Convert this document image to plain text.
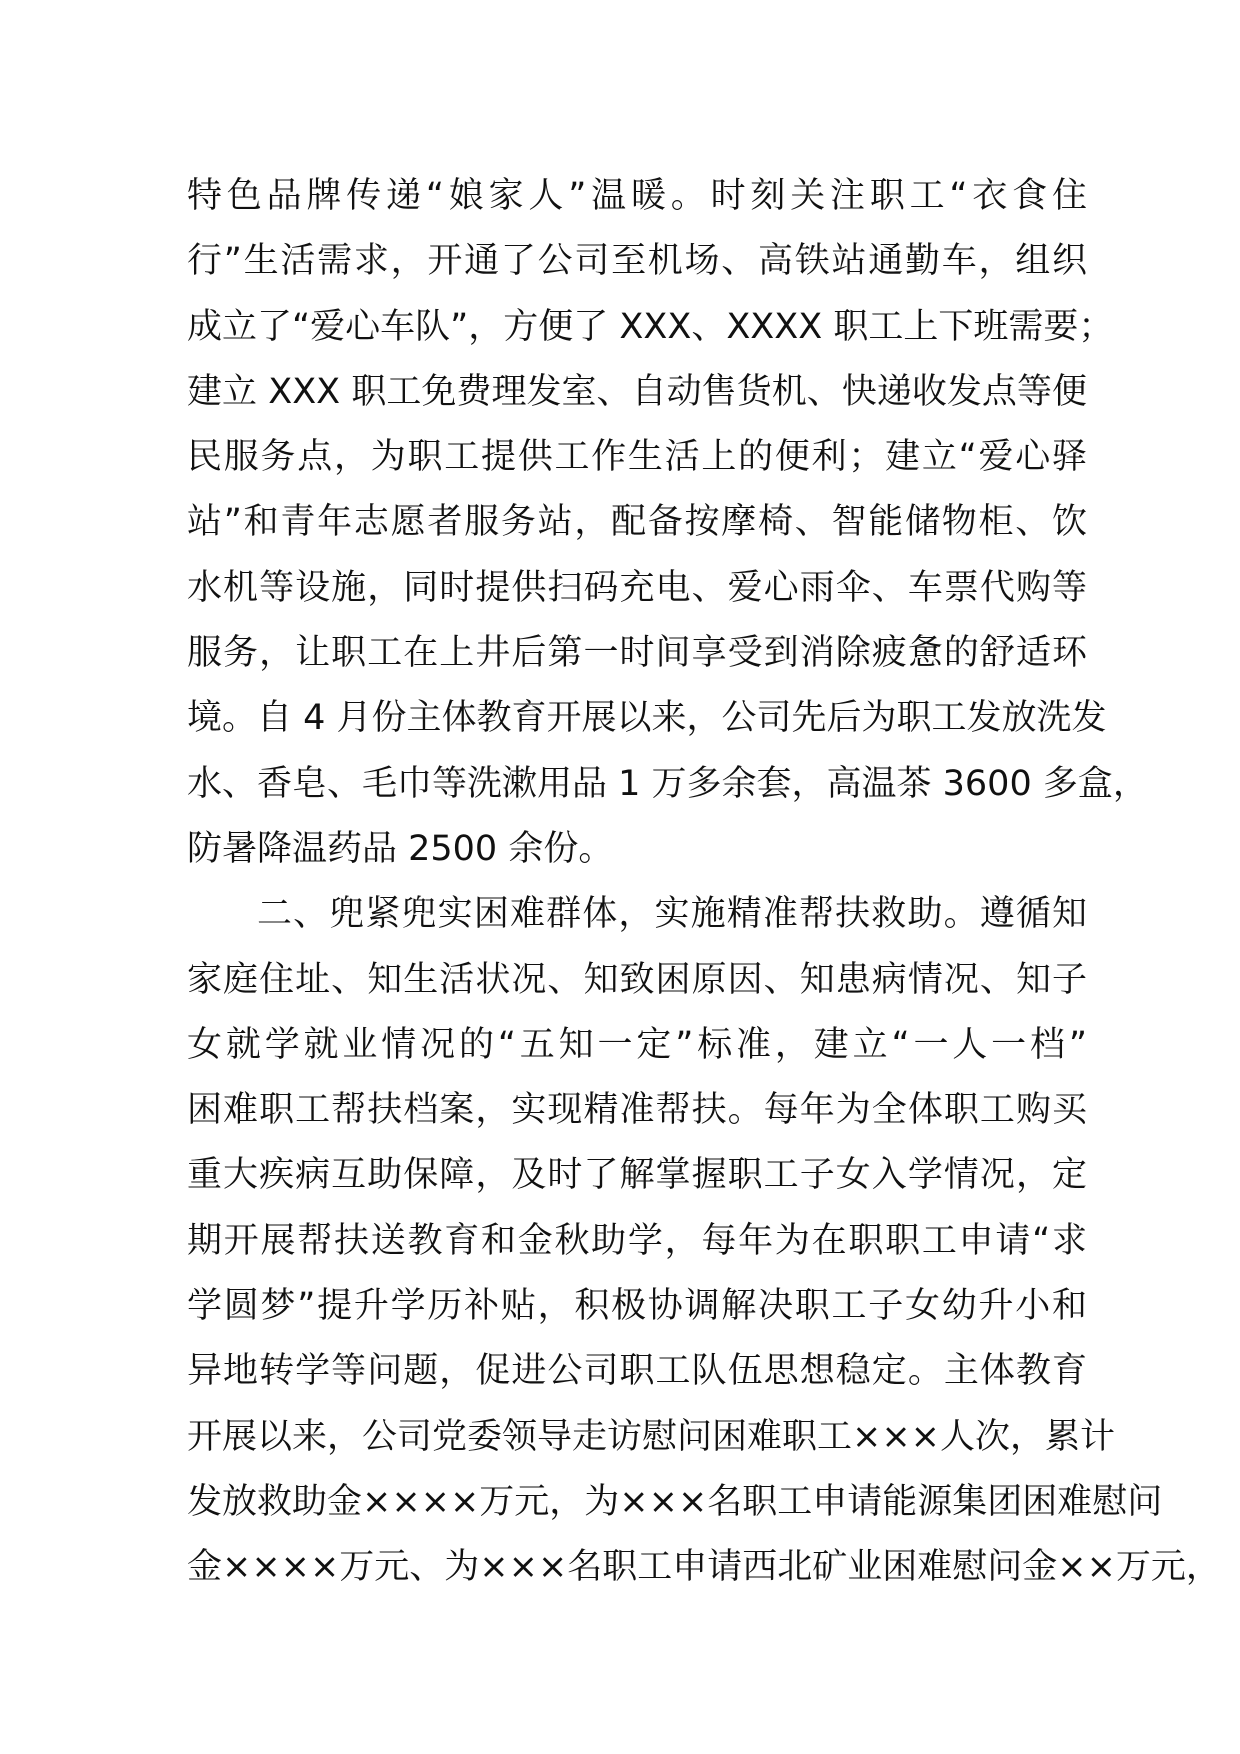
特色品牌传递“娘家人”温暖。时刻关注职工“衣食住
行”生活需求，开通了公司至机场、高铁站通勤车，组织
成立了“爱心车队”，方便了 XXX、XXXX 职工上下班需要；
建立 XXX 职工免费理发室、自动售货机、快递收发点等便
民服务点，为职工提供工作生活上的便利；建立“爱心驿
站”和青年志愿者服务站，配备按摩椅、智能储物柜、饮
水机等设施，同时提供扫码充电、爱心雨伞、车票代购等
服务，让职工在上井后第一时间享受到消除疲惫的舒适环
境。自 4 月份主体教育开展以来，公司先后为职工发放洗发
水、香皂、毛巾等洗漱用品 1 万多余套，高温茶 3600 多盒，
防暑降温药品 2500 余份。
二、兜紧兜实困难群体，实施精准帮扶救助。遵循知
家庭住址、知生活状况、知致困原因、知患病情况、知子
女就学就业情况的“五知一定”标准，建立“一人一档”
困难职工帮扶档案，实现精准帮扶。每年为全体职工购买
重大疾病互助保障，及时了解掌握职工子女入学情况，定
期开展帮扶送教育和金秋助学，每年为在职职工申请“求
学圆梦”提升学历补贴，积极协调解决职工子女幼升小和
异地转学等问题，促进公司职工队伍思想稳定。主体教育
开展以来，公司党委领导走访慰问困难职工×××人次，累计
发放救助金××××万元，为×××名职工申请能源集团困难慰问
金××××万元、为×××名职工申请西北矿业困难慰问金××万元，
